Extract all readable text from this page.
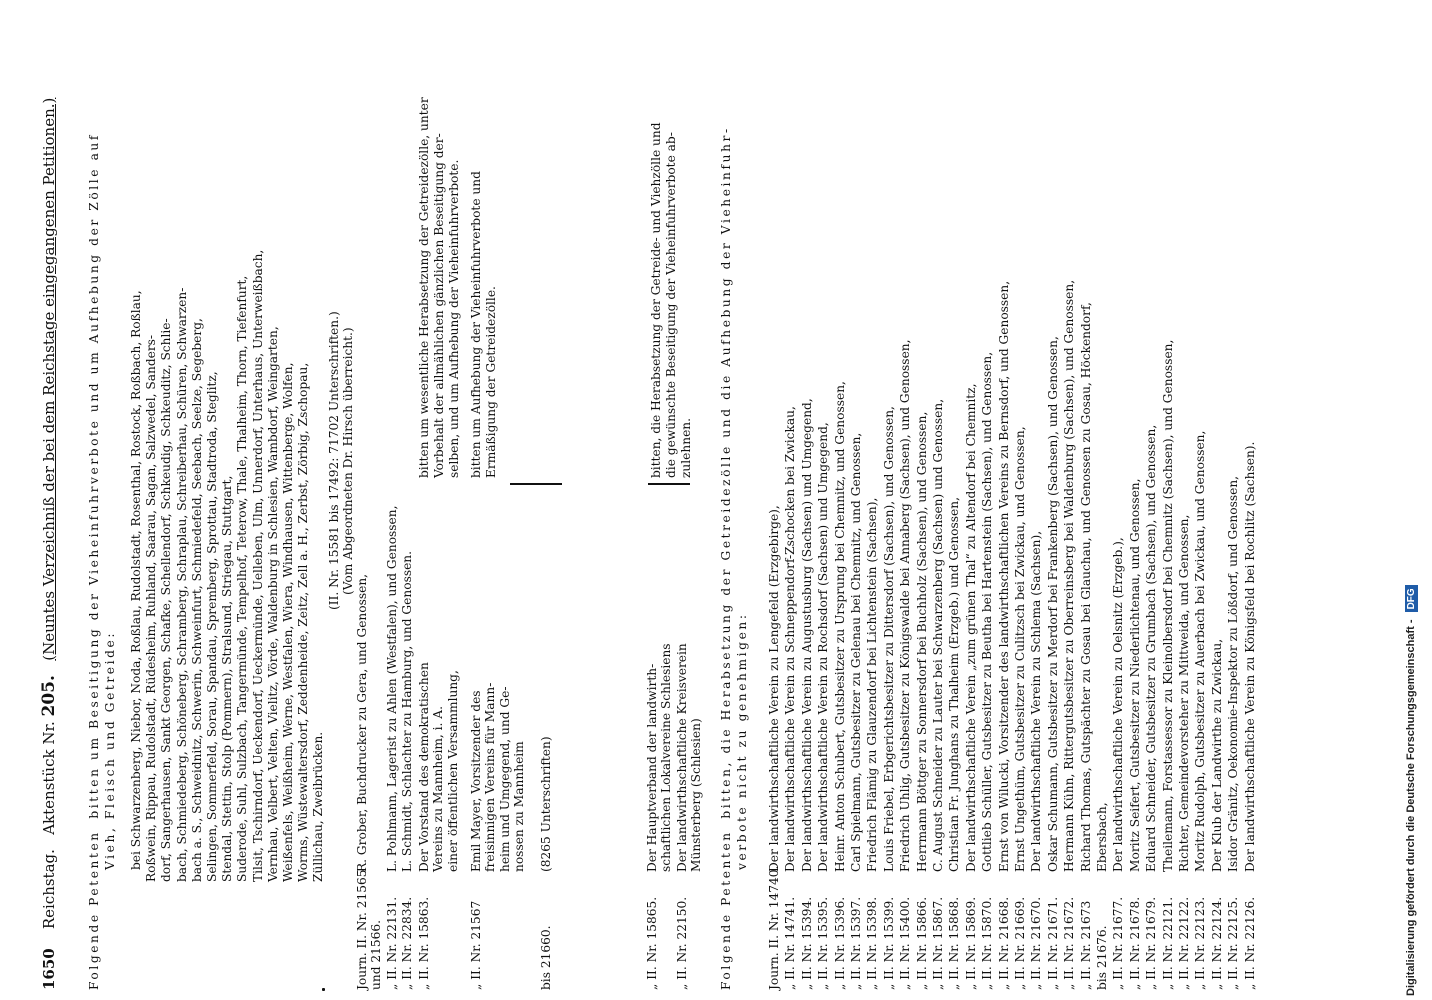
1650    Reichstag.   Aktenstück Nr. 205.   (Neuntes Verzeichniß der bei dem Reichstage eingegangenen Petitionen.)
Folgende Petenten   bitten um Beseitigung der Vieheinfuhrverbote und um Aufhebung der Zölle auf Vieh, Fleisch und Getreide: bei Schwarzenberg, Niebor, Noda, Roßlau, Rudolstadt, Rosenthal, Rostock, Roßbach, Roßlau, Roßwein, Rippau, Rudolstadt, Rüdesheim, Ruhland, Saarau, Sagan, Salzwedel, Sanders- dorf, Sangerhausen, Sankt Georgen, Schafke, Schellendorf, Schkeudig, Schkeuditz, Schlie- bach, Schmiedeberg, Schöneberg, Schramberg, Schraplau, Schreiberhau, Schüren, Schwarzen- bach a. S., Schweidnitz, Schwerin, Schweinfurt, Schmiedefeld, Seebach, Seelze, Segeberg, Selingen, Sommerfeld, Sorau, Spandau, Spremberg, Sprottau, Stadtroda, Steglitz, Stendal, Stettin, Stolp (Pommern), Stralsund, Striegau, Stuttgart, Suderode, Suhl, Sulzbach, Tangermünde, Tempelhof, Teterow, Thale, Thalheim, Thorn, Tiefenfurt, Tilsit, Tschirndorf, Ueckendorf, Ueckermünde, Uelleben, Ulm, Unnerdorf, Unterhaus, Unterweißbach, Vernhau, Velbert, Velten, Vielitz, Vörde, Waldenburg in Schlesien, Wambdorf, Weingarten, Weißenfels, Weißheim, Werne, Westfalen, Wiera, Windhausen, Wittenberge, Wolfen, Worms, Wüstewaltersdorf, Zeddenheide, Zeitz, Zell a. H., Zerbst, Zörbig, Zschopau, Züllichau, Zweibrücken.
(II. Nr. 15581 bis 17492: 71702 Unterschriften.) (Vom Abgeordneten Dr. Hirsch überreicht.)
Journ. II. Nr. 21565
R. Grober, Buchdrucker zu Gera, und Genossen,
und 21566. „ II. Nr. 22131.
L. Pohlmann, Lagerist zu Ahlen (Westfalen), und Genossen,
„ II. Nr. 22834.
L. Schmidt, Schlachter zu Hamburg, und Genossen.
„ II. Nr. 15863.
Der Vorstand des demokratischen Vereins zu Mannheim, i. A. einer öffentlichen Versammlung,
„ II. Nr. 21567
Emil Mayer, Vorsitzender des freisinnigen Vereins für Mann- heim und Umgegend, und Ge- nossen zu Mannheim
bis 21660.
(8265 Unterschriften)
bitten um wesentliche Herabsetzung der Getreidezölle, unter Vorbehalt der allmählichen gänzlichen Beseitigung der- selben, und um Aufhebung der Vieheinfuhrverbote. bitten um Aufhebung der Vieheinfuhrverbote und Ermäßigung der Getreidezölle.
„ II. Nr. 15865.
Der Hauptverband der landwirth- schaftlichen Lokalvereine Schlesiens
„ II. Nr. 22150.
Der landwirthschaftliche Kreisverein Münsterberg (Schlesien)
bitten, die Herabsetzung der Getreide- und Viehzölle und die gewünschte Beseitigung der Vieheinfuhrverbote ab- zulehnen.
Folgende Petenten   bitten, die Herabsetzung der Getreidezölle und die Aufhebung der Vieheinfuhr- verbote nicht zu genehmigen:
Journ. II. Nr. 14740.
Der landwirthschaftliche Verein zu Lengefeld (Erzgebirge),
„ II. Nr. 14741.
Der landwirthschaftliche Verein zu Schneppendorf-Zschocken bei Zwickau,
„ II. Nr. 15394.
Der landwirthschaftliche Verein zu Augustusburg (Sachsen) und Umgegend,
„ II. Nr. 15395.
Der landwirthschaftliche Verein zu Rochsdorf (Sachsen) und Umgegend,
„ II. Nr. 15396.
Heinr. Anton Schubert, Gutsbesitzer zu Ursprung bei Chemnitz, und Genossen,
„ II. Nr. 15397.
Carl Spielmann, Gutsbesitzer zu Gelenau bei Chemnitz, und Genossen,
„ II. Nr. 15398.
Friedrich Flämig zu Glauzendorf bei Lichtenstein (Sachsen),
„ II. Nr. 15399.
Louis Friebel, Erbgerichtsbesitzer zu Dittersdorf (Sachsen), und Genossen,
„ II. Nr. 15400.
Friedrich Uhlig, Gutsbesitzer zu Königswalde bei Annaberg (Sachsen), und Genossen,
„ II. Nr. 15866.
Herrmann Böttger zu Sonnersdorf bei Buchholz (Sachsen), und Genossen,
„ II. Nr. 15867.
C. August Schneider zu Lauter bei Schwarzenberg (Sachsen) und Genossen,
„ II. Nr. 15868.
Christian Fr. Junghans zu Thalheim (Erzgeb.) und Genossen,
„ II. Nr. 15869.
Der landwirthschaftliche Verein „zum grünen Thal“ zu Altendorf bei Chemnitz,
„ II. Nr. 15870.
Gottlieb Schüller, Gutsbesitzer zu Beutha bei Hartenstein (Sachsen), und Genossen,
„ II. Nr. 21668.
Ernst von Wilucki, Vorsitzender des landwirthschaftlichen Vereins zu Bernsdorf, und Genossen,
„ II. Nr. 21669.
Ernst Ungethüm, Gutsbesitzer zu Culitzsch bei Zwickau, und Genossen,
„ II. Nr. 21670.
Der landwirthschaftliche Verein zu Schlema (Sachsen),
„ II. Nr. 21671.
Oskar Schumann, Gutsbesitzer zu Merdorf bei Frankenberg (Sachsen), und Genossen,
„ II. Nr. 21672.
Hermann Kühn, Rittergutsbesitzer zu Oberreinsberg bei Waldenburg (Sachsen), und Genossen,
„ II. Nr. 21673
Richard Thomas, Gutspächter zu Gosau bei Glauchau, und Genossen zu Gosau, Höckendorf,
bis 21676.
Ebersbach,
„ II. Nr. 21677.
Der landwirthschaftliche Verein zu Oelsnitz (Erzgeb.),
„ II. Nr. 21678.
Moritz Seifert, Gutsbesitzer zu Niederlichtenau, und Genossen,
„ II. Nr. 21679.
Eduard Schneider, Gutsbesitzer zu Grumbach (Sachsen), und Genossen,
„ II. Nr. 22121.
Theilemann, Forstassessor zu Kleinolbersdorf bei Chemnitz (Sachsen), und Genossen,
„ II. Nr. 22122.
Richter, Gemeindevorsteher zu Mittweida, und Genossen,
„ II. Nr. 22123.
Moritz Rudolph, Gutsbesitzer zu Auerbach bei Zwickau, und Genossen,
„ II. Nr. 22124.
Der Klub der Landwirthe zu Zwickau,
„ II. Nr. 22125.
Isidor Gränitz, Oekonomie-Inspektor zu Lößdorf, und Genossen,
„ II. Nr. 22126.
Der landwirthschaftliche Verein zu Königsfeld bei Rochlitz (Sachsen).	Digitalisierung gefördert durch die Deutsche Forschungsgemeinschaft - DFG
